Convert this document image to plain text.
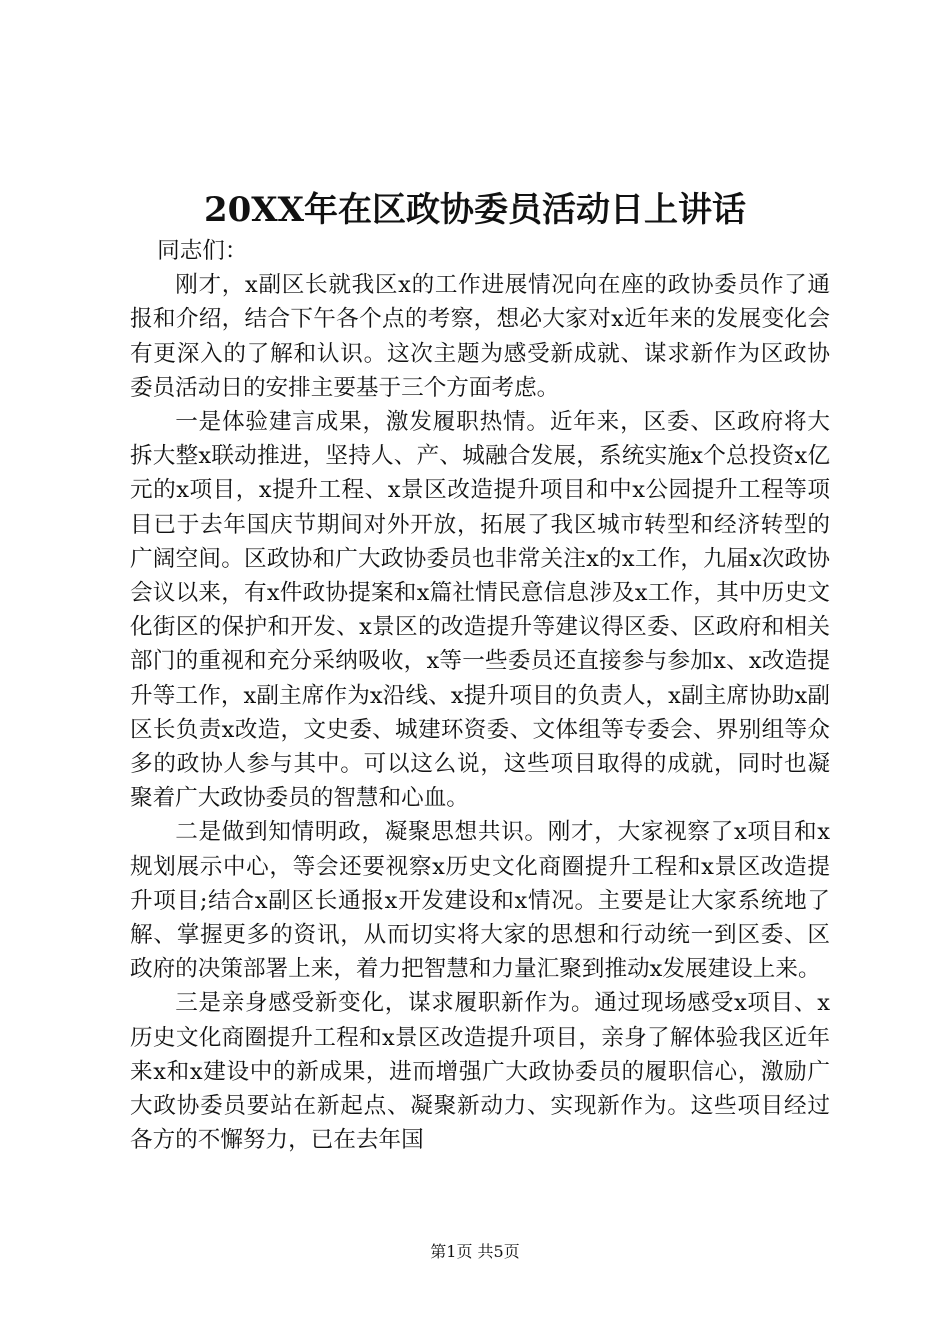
20XX年在区政协委员活动日上讲话

同志们：

刚才，x副区长就我区x的工作进展情况向在座的政协委员作了通报和介绍，结合下午各个点的考察，想必大家对x近年来的发展变化会有更深入的了解和认识。这次主题为感受新成就、谋求新作为区政协委员活动日的安排主要基于三个方面考虑。

一是体验建言成果，激发履职热情。近年来，区委、区政府将大拆大整x联动推进，坚持人、产、城融合发展，系统实施x个总投资x亿元的x项目，x提升工程、x景区改造提升项目和中x公园提升工程等项目已于去年国庆节期间对外开放，拓展了我区城市转型和经济转型的广阔空间。区政协和广大政协委员也非常关注x的x工作，九届x次政协会议以来，有x件政协提案和x篇社情民意信息涉及x工作，其中历史文化街区的保护和开发、x景区的改造提升等建议得区委、区政府和相关部门的重视和充分采纳吸收，x等一些委员还直接参与参加x、x改造提升等工作，x副主席作为x沿线、x提升项目的负责人，x副主席协助x副区长负责x改造，文史委、城建环资委、文体组等专委会、界别组等众多的政协人参与其中。可以这么说，这些项目取得的成就，同时也凝聚着广大政协委员的智慧和心血。

二是做到知情明政，凝聚思想共识。刚才，大家视察了x项目和x规划展示中心，等会还要视察x历史文化商圈提升工程和x景区改造提升项目;结合x副区长通报x开发建设和x情况。主要是让大家系统地了解、掌握更多的资讯，从而切实将大家的思想和行动统一到区委、区政府的决策部署上来，着力把智慧和力量汇聚到推动x发展建设上来。

三是亲身感受新变化，谋求履职新作为。通过现场感受x项目、x历史文化商圈提升工程和x景区改造提升项目，亲身了解体验我区近年来x和x建设中的新成果，进而增强广大政协委员的履职信心，激励广大政协委员要站在新起点、凝聚新动力、实现新作为。这些项目经过各方的不懈努力，已在去年国

第1页 共5页
